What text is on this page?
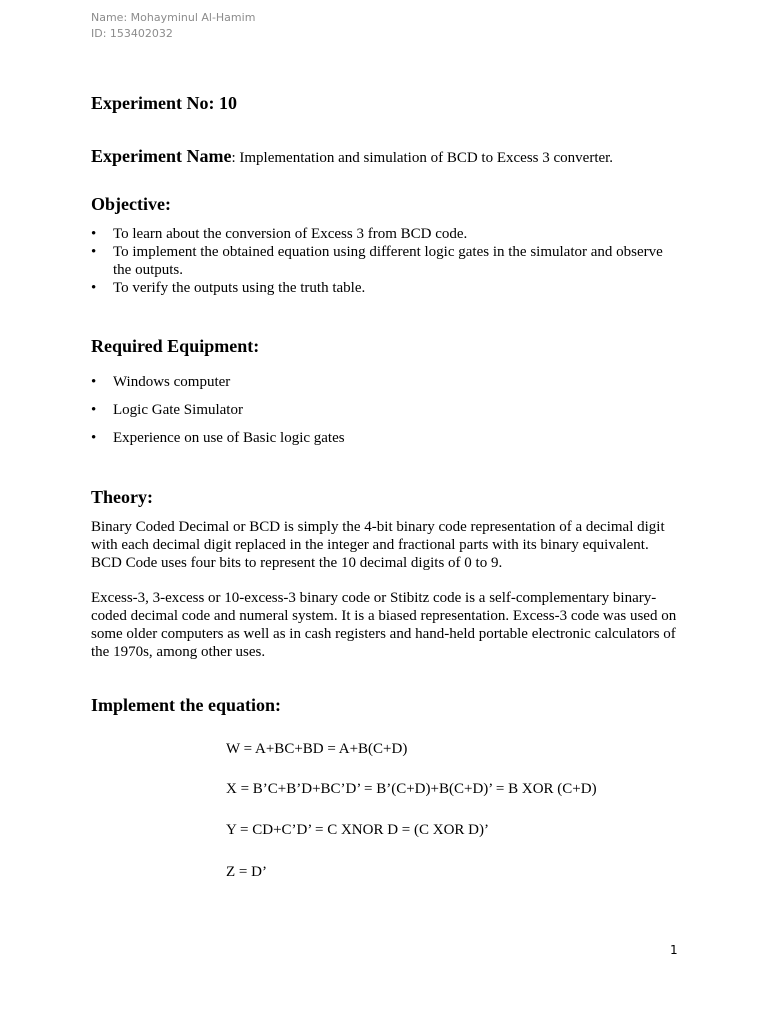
Name: Mohayminul Al-Hamim
ID: 153402032
Experiment No: 10
Experiment Name: Implementation and simulation of BCD to Excess 3 converter.
Objective:
• To learn about the conversion of Excess 3 from BCD code.
• To implement the obtained equation using different logic gates in the simulator and observe the outputs.
• To verify the outputs using the truth table.
Required Equipment:
• Windows computer
• Logic Gate Simulator
• Experience on use of Basic logic gates
Theory:

Binary Coded Decimal or BCD is simply the 4-bit binary code representation of a decimal digit with each decimal digit replaced in the integer and fractional parts with its binary equivalent. BCD Code uses four bits to represent the 10 decimal digits of 0 to 9.

Excess-3, 3-excess or 10-excess-3 binary code or Stibitz code is a self-complementary binary-coded decimal code and numeral system. It is a biased representation. Excess-3 code was used on some older computers as well as in cash registers and hand-held portable electronic calculators of the 1970s, among other uses.

Implement the equation:
W = A+BC+BD = A+B(C+D)
X = B’C+B’D+BC’D’ = B’(C+D)+B(C+D)’ = B XOR (C+D)
Y = CD+C’D’ = C XNOR D = (C XOR D)’
Z = D’
1
